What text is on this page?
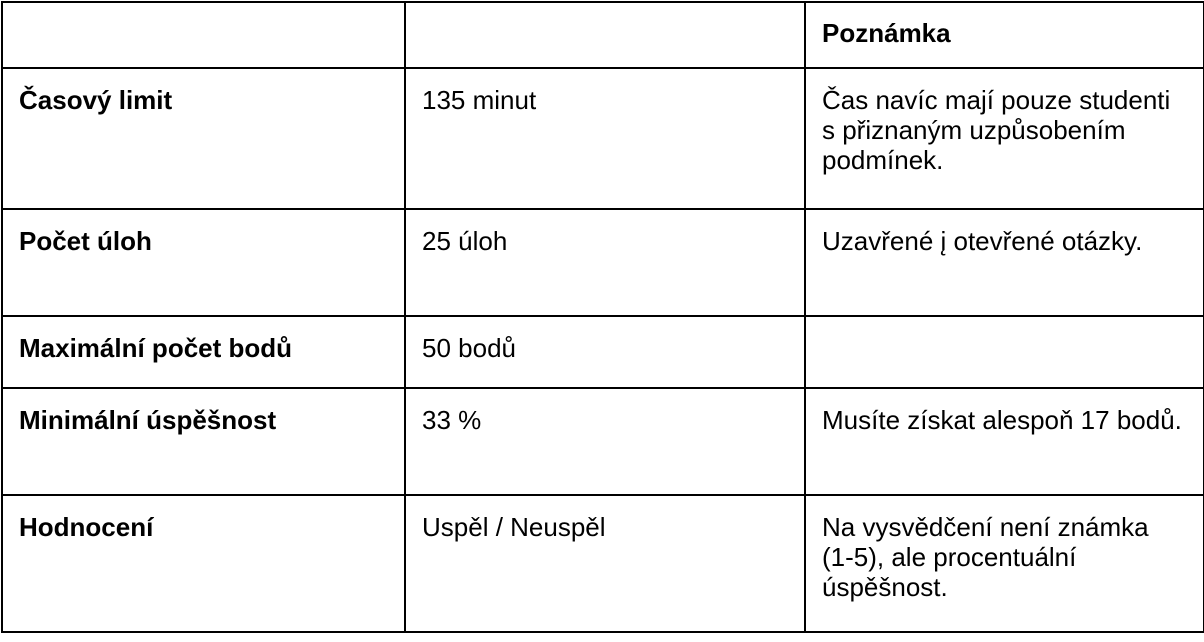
		Poznámka
Časový limit	135 minut	Čas navíc mají pouze studenti s přiznaným uzpůsobením podmínek.
Počet úloh	25 úloh	Uzavřené į otevřené otázky.
Maximální počet bodů	50 bodů	
Minimální úspěšnost	33 %	Musíte získat alespoň 17 bodů.
Hodnocení	Uspěl / Neuspěl	Na vysvědčení není známka (1-5), ale procentuální úspěšnost.
